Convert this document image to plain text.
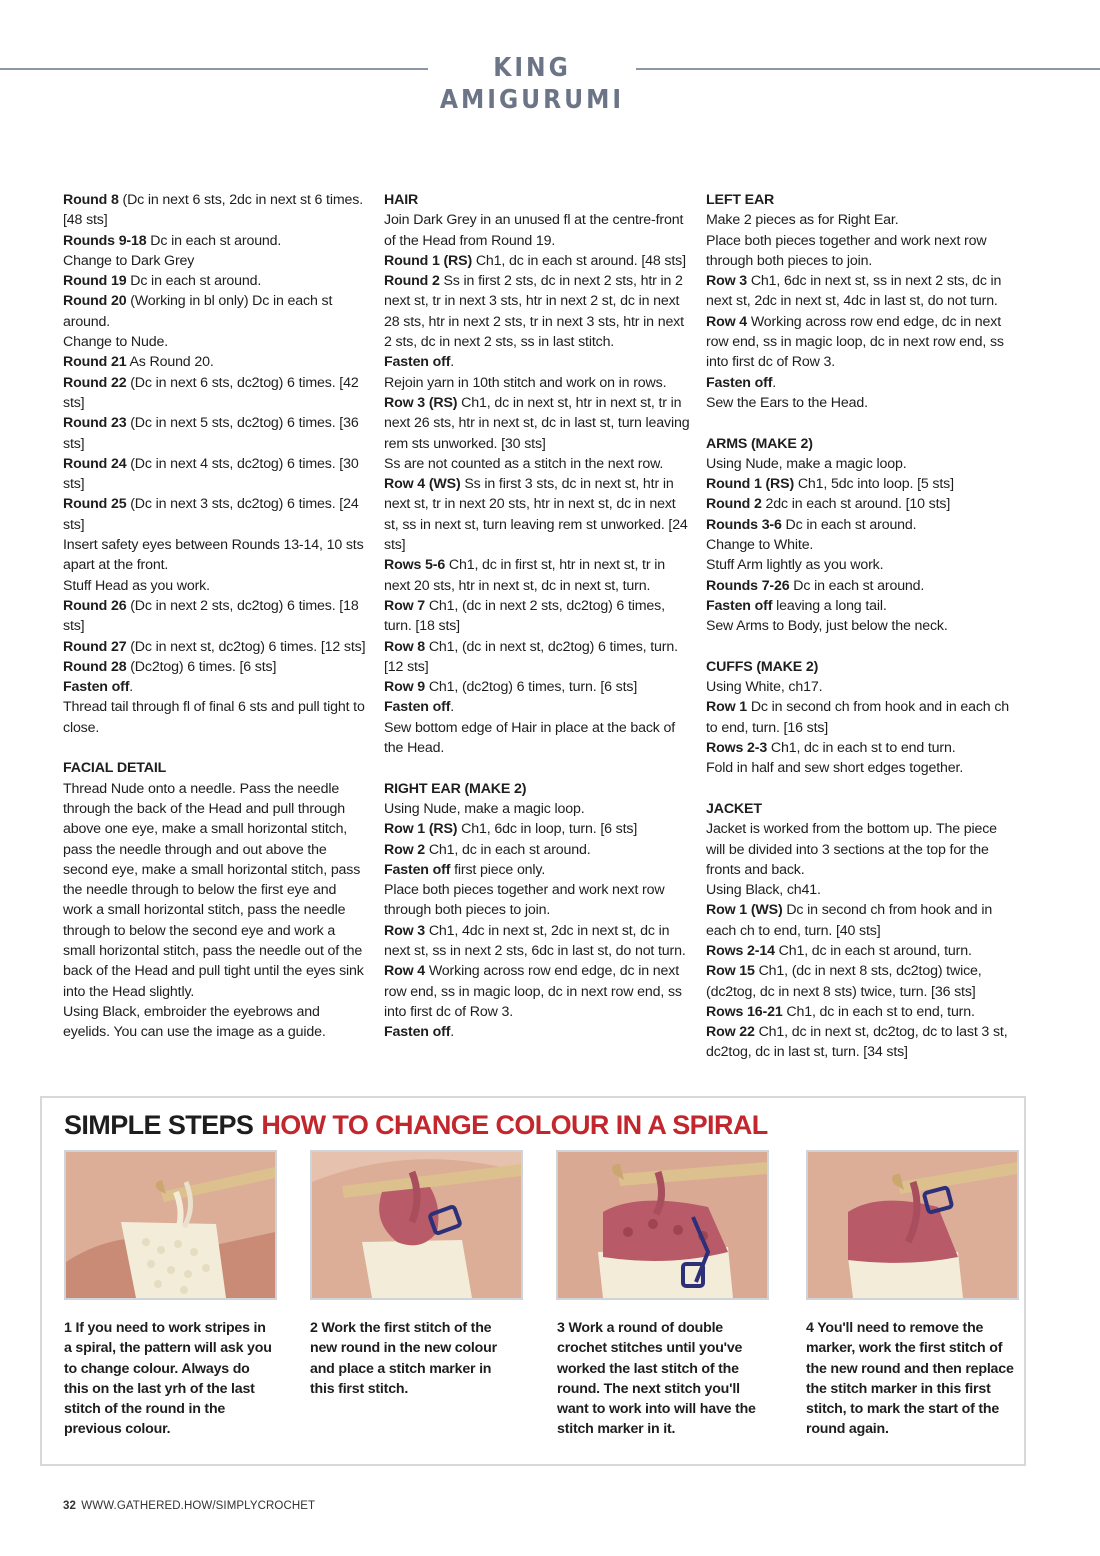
KING AMIGURUMI

Round 8 (Dc in next 6 sts, 2dc in next st 6 times. [48 sts]

Rounds 9-18 Dc in each st around.

Change to Dark Grey

Round 19 Dc in each st around.

Round 20 (Working in bl only) Dc in each st around.

Change to Nude.

Round 21 As Round 20.

Round 22 (Dc in next 6 sts, dc2tog) 6 times. [42 sts]

Round 23 (Dc in next 5 sts, dc2tog) 6 times. [36 sts]

Round 24 (Dc in next 4 sts, dc2tog) 6 times. [30 sts]

Round 25 (Dc in next 3 sts, dc2tog) 6 times. [24 sts]

Insert safety eyes between Rounds 13-14, 10 sts apart at the front.

Stuff Head as you work.

Round 26 (Dc in next 2 sts, dc2tog) 6 times. [18 sts]

Round 27 (Dc in next st, dc2tog) 6 times. [12 sts]

Round 28 (Dc2tog) 6 times. [6 sts]

Fasten off.

Thread tail through fl of final 6 sts and pull tight to close.

FACIAL DETAIL

Thread Nude onto a needle. Pass the needle through the back of the Head and pull through above one eye, make a small horizontal stitch, pass the needle through and out above the second eye, make a small horizontal stitch, pass the needle through to below the first eye and work a small horizontal stitch, pass the needle through to below the second eye and work a small horizontal stitch, pass the needle out of the back of the Head and pull tight until the eyes sink into the Head slightly.

Using Black, embroider the eyebrows and eyelids. You can use the image as a guide.

HAIR

Join Dark Grey in an unused fl at the centre-front of the Head from Round 19.

Round 1 (RS) Ch1, dc in each st around. [48 sts]

Round 2 Ss in first 2 sts, dc in next 2 sts, htr in 2 next st, tr in next 3 sts, htr in next 2 st, dc in next 28 sts, htr in next 2 sts, tr in next 3 sts, htr in next 2 sts, dc in next 2 sts, ss in last stitch.

Fasten off.

Rejoin yarn in 10th stitch and work on in rows.

Row 3 (RS) Ch1, dc in next st, htr in next st, tr in next 26 sts, htr in next st, dc in last st, turn leaving rem sts unworked. [30 sts]

Ss are not counted as a stitch in the next row.

Row 4 (WS) Ss in first 3 sts, dc in next st, htr in next st, tr in next 20 sts, htr in next st, dc in next st, ss in next st, turn leaving rem st unworked. [24 sts]

Rows 5-6 Ch1, dc in first st, htr in next st, tr in next 20 sts, htr in next st, dc in next st, turn.

Row 7 Ch1, (dc in next 2 sts, dc2tog) 6 times, turn. [18 sts]

Row 8 Ch1, (dc in next st, dc2tog) 6 times, turn. [12 sts]

Row 9 Ch1, (dc2tog) 6 times, turn. [6 sts]

Fasten off.

Sew bottom edge of Hair in place at the back of the Head.

RIGHT EAR (MAKE 2)

Using Nude, make a magic loop.

Row 1 (RS) Ch1, 6dc in loop, turn. [6 sts]

Row 2 Ch1, dc in each st around.

Fasten off first piece only.

Place both pieces together and work next row through both pieces to join.

Row 3 Ch1, 4dc in next st, 2dc in next st, dc in next st, ss in next 2 sts, 6dc in last st, do not turn.

Row 4 Working across row end edge, dc in next row end, ss in magic loop, dc in next row end, ss into first dc of Row 3.

Fasten off.

LEFT EAR

Make 2 pieces as for Right Ear.

Place both pieces together and work next row through both pieces to join.

Row 3 Ch1, 6dc in next st, ss in next 2 sts, dc in next st, 2dc in next st, 4dc in last st, do not turn.

Row 4 Working across row end edge, dc in next row end, ss in magic loop, dc in next row end, ss into first dc of Row 3.

Fasten off.

Sew the Ears to the Head.

ARMS (MAKE 2)

Using Nude, make a magic loop.

Round 1 (RS) Ch1, 5dc into loop. [5 sts]

Round 2 2dc in each st around. [10 sts]

Rounds 3-6 Dc in each st around.

Change to White.

Stuff Arm lightly as you work.

Rounds 7-26 Dc in each st around.

Fasten off leaving a long tail.

Sew Arms to Body, just below the neck.

CUFFS (MAKE 2)

Using White, ch17.

Row 1 Dc in second ch from hook and in each ch to end, turn. [16 sts]

Rows 2-3 Ch1, dc in each st to end turn.

Fold in half and sew short edges together.

JACKET

Jacket is worked from the bottom up. The piece will be divided into 3 sections at the top for the fronts and back.

Using Black, ch41.

Row 1 (WS) Dc in second ch from hook and in each ch to end, turn. [40 sts]

Rows 2-14 Ch1, dc in each st around, turn.

Row 15 Ch1, (dc in next 8 sts, dc2tog) twice, (dc2tog, dc in next 8 sts) twice, turn. [36 sts]

Rows 16-21 Ch1, dc in each st to end, turn.

Row 22 Ch1, dc in next st, dc2tog, dc to last 3 st, dc2tog, dc in last st, turn. [34 sts]

SIMPLE STEPS HOW TO CHANGE COLOUR IN A SPIRAL
1 If you need to work stripes in a spiral, the pattern will ask you to change colour. Always do this on the last yrh of the last stitch of the round in the previous colour.
2 Work the first stitch of the new round in the new colour and place a stitch marker in this first stitch.
3 Work a round of double crochet stitches until you've worked the last stitch of the round. The next stitch you'll want to work into will have the stitch marker in it.
4 You'll need to remove the marker, work the first stitch of the new round and then replace the stitch marker in this first stitch, to mark the start of the round again.
32 WWW.GATHERED.HOW/SIMPLYCROCHET
